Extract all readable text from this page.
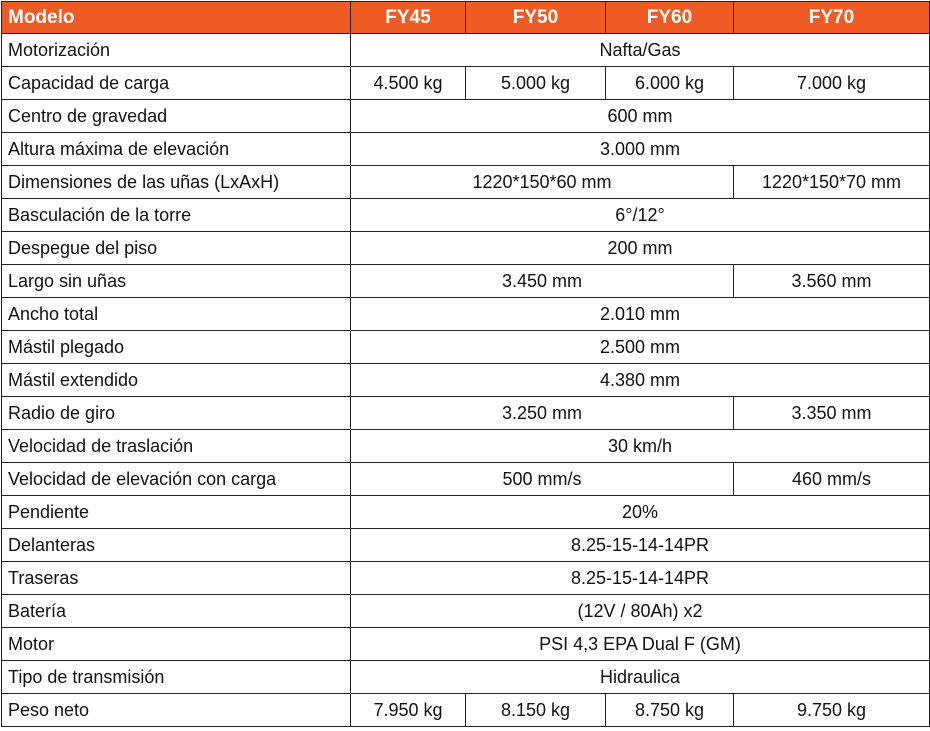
Modelo	FY45	FY50	FY60	FY70
Motorización	Nafta/Gas			
Capacidad de carga	4.500 kg	5.000 kg	6.000 kg	7.000 kg
Centro de gravedad	600 mm			
Altura máxima de elevación	3.000 mm			
Dimensiones de las uñas (LxAxH)	1220*150*60 mm			1220*150*70 mm
Basculación de la torre	6°/12°			
Despegue del piso	200 mm			
Largo sin uñas	3.450 mm			3.560 mm
Ancho total	2.010 mm			
Mástil plegado	2.500 mm			
Mástil extendido	4.380 mm			
Radio de giro	3.250 mm			3.350 mm
Velocidad de traslación	30 km/h			
Velocidad de elevación con carga	500 mm/s			460 mm/s
Pendiente	20%			
Delanteras	8.25-15-14-14PR			
Traseras	8.25-15-14-14PR			
Batería	(12V / 80Ah) x2			
Motor	PSI 4,3 EPA Dual F (GM)			
Tipo de transmisión	Hidraulica			
Peso neto	7.950 kg	8.150 kg	8.750 kg	9.750 kg
